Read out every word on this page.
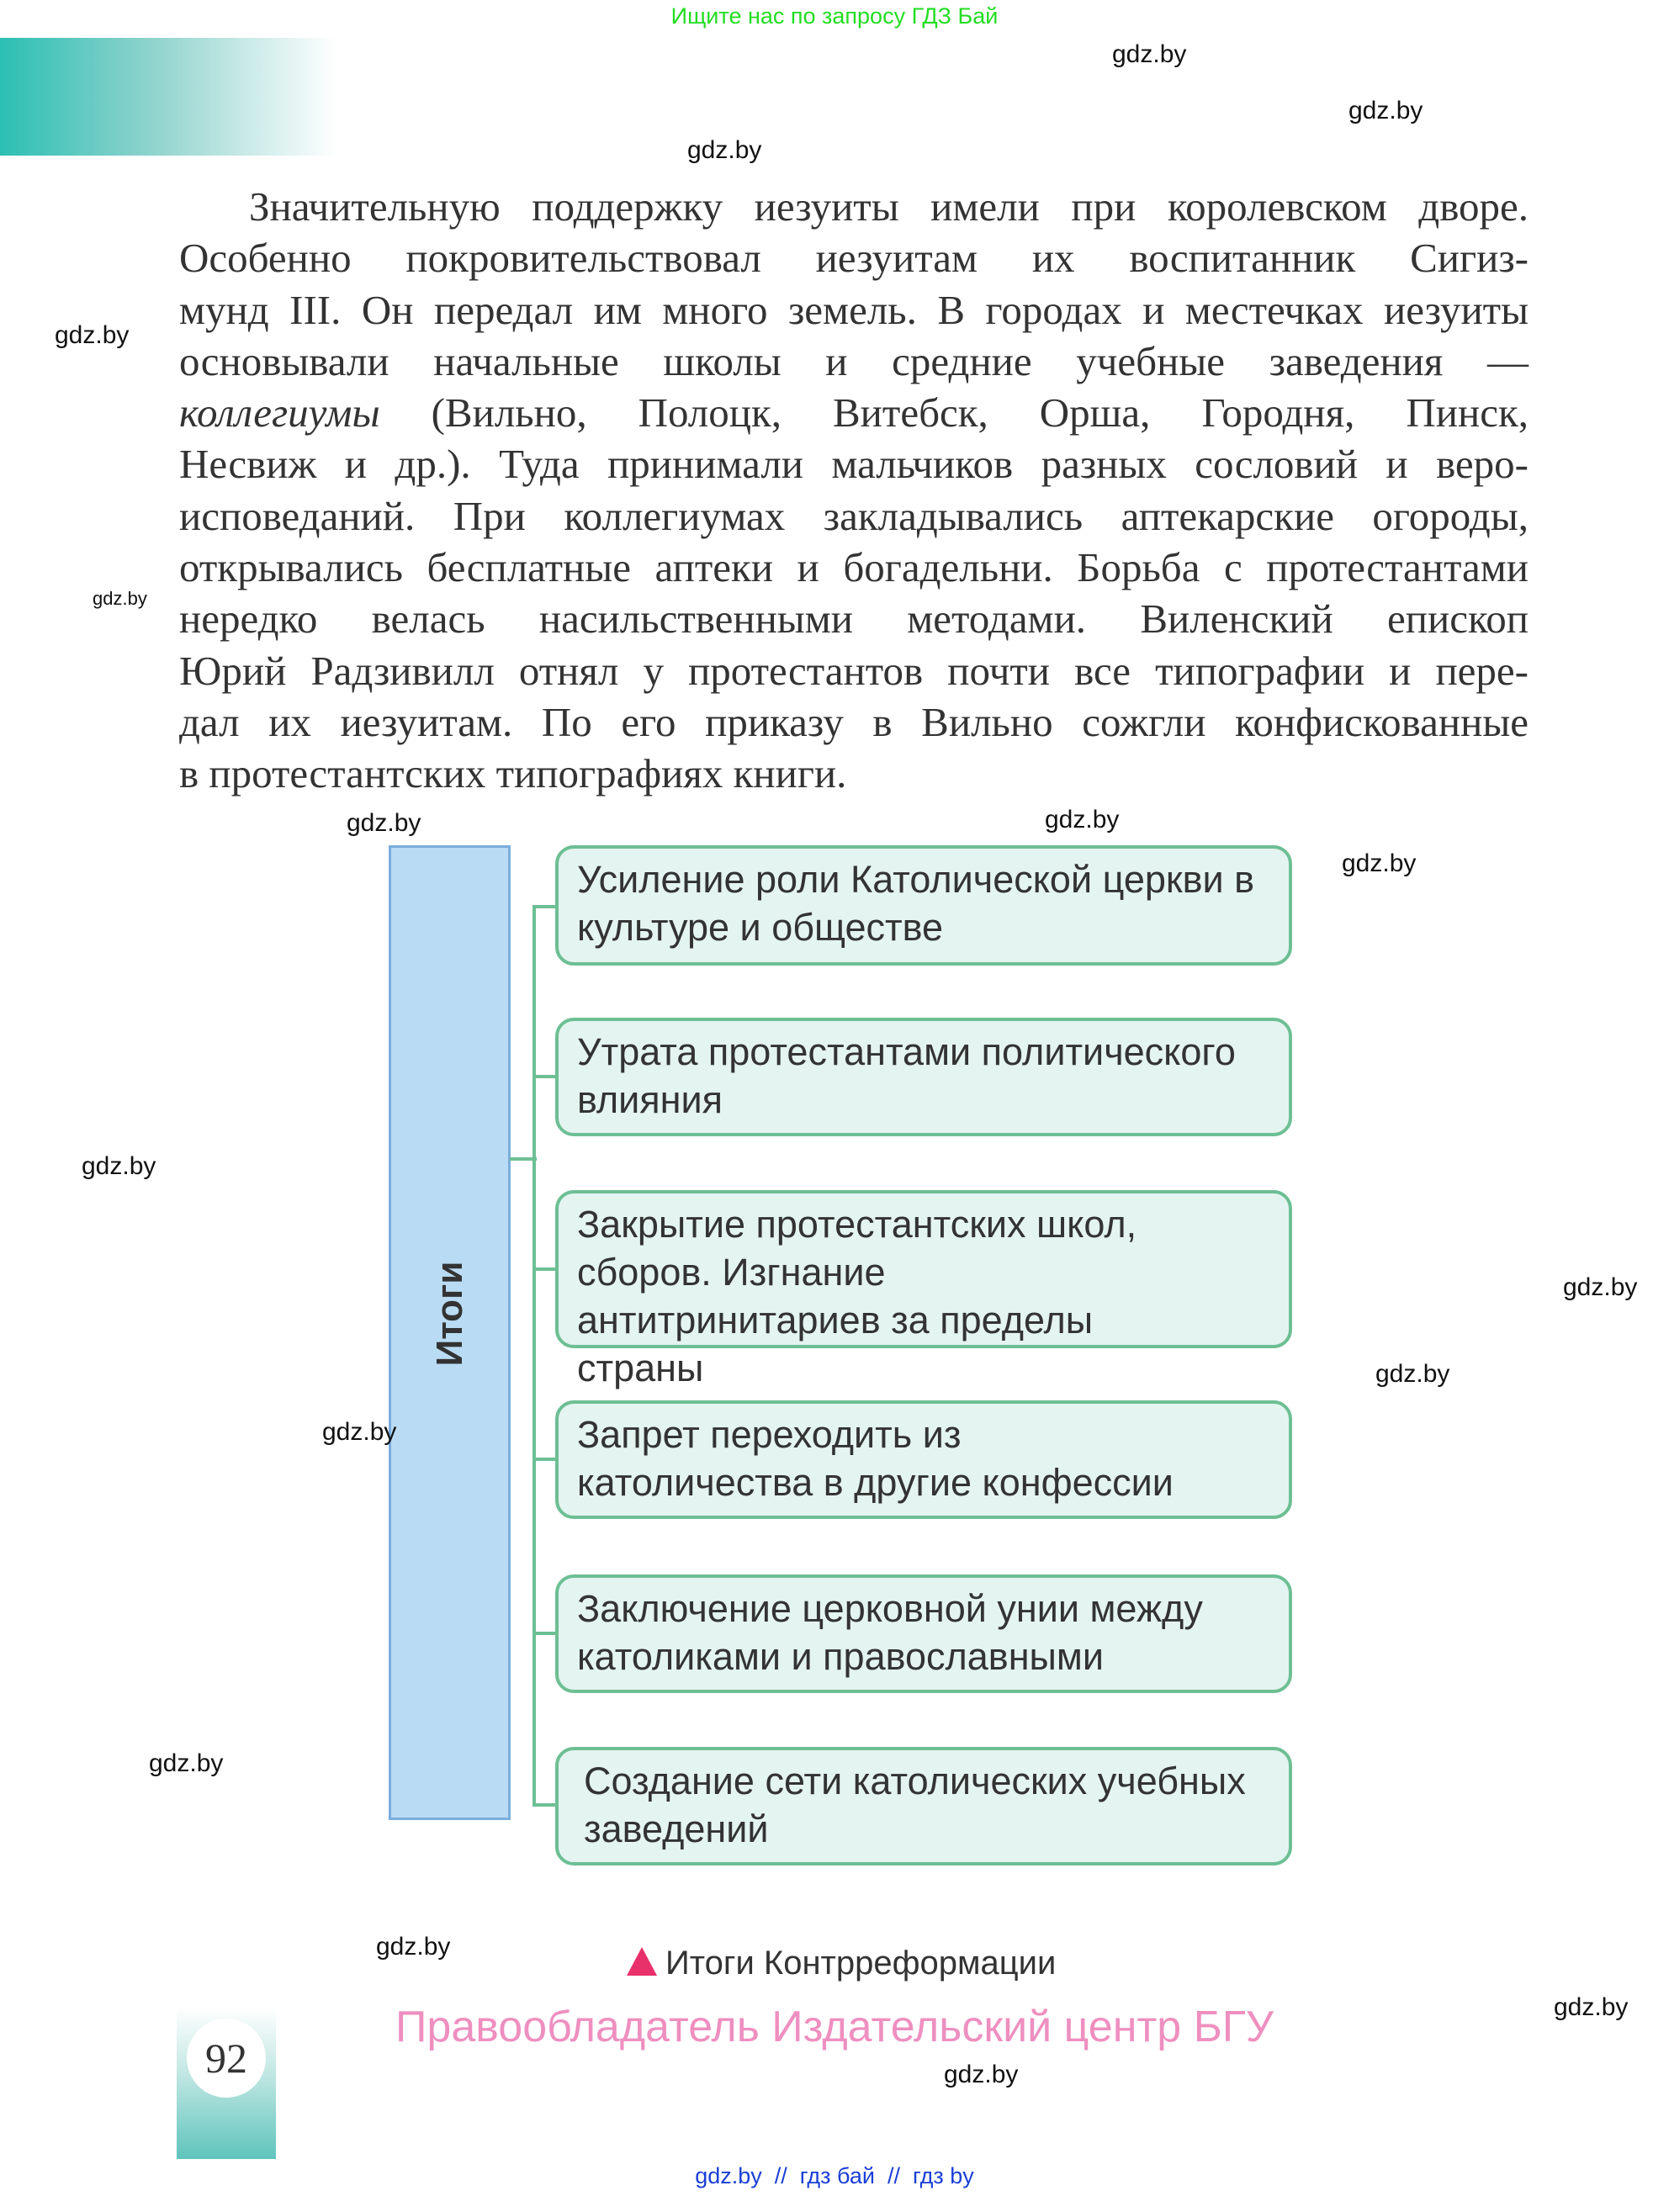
Ищите нас по запросу ГДЗ Бай
gdz.by
gdz.by
gdz.by
gdz.by
gdz.by
gdz.by
gdz.by
gdz.by
gdz.by
gdz.by
gdz.by
gdz.by
gdz.by
gdz.by
gdz.by
gdz.by
Значительную поддержку иезуиты имели при королевском дворе.
Особенно покровительствовал иезуитам их воспитанник Сигиз-
мунд III. Он передал им много земель. В городах и местечках иезуиты
основывали начальные школы и средние учебные заведения —
коллегиумы (Вильно, Полоцк, Витебск, Орша, Городня, Пинск,
Несвиж и др.). Туда принимали мальчиков разных сословий и веро-
исповеданий. При коллегиумах закладывались аптекарские огороды,
открывались бесплатные аптеки и богадельни. Борьба с протестантами
нередко велась насильственными методами. Виленский епископ
Юрий Радзивилл отнял у протестантов почти все типографии и пере-
дал их иезуитам. По его приказу в Вильно сожгли конфискованные
в протестантских типографиях книги.
Итоги
Усиление роли Католической церкви в культуре и обществе
Утрата протестантами политического влияния
Закрытие протестантских школ, сборов. Изгнание антитринитариев за пределы страны
Запрет переходить из католичества в другие конфессии
Заключение церковной унии между католиками и православными
Создание сети католических учебных заведений
Итоги Контрреформации
Правообладатель Издательский центр БГУ
92
gdz.by  //  гдз бай  //  гдз by
